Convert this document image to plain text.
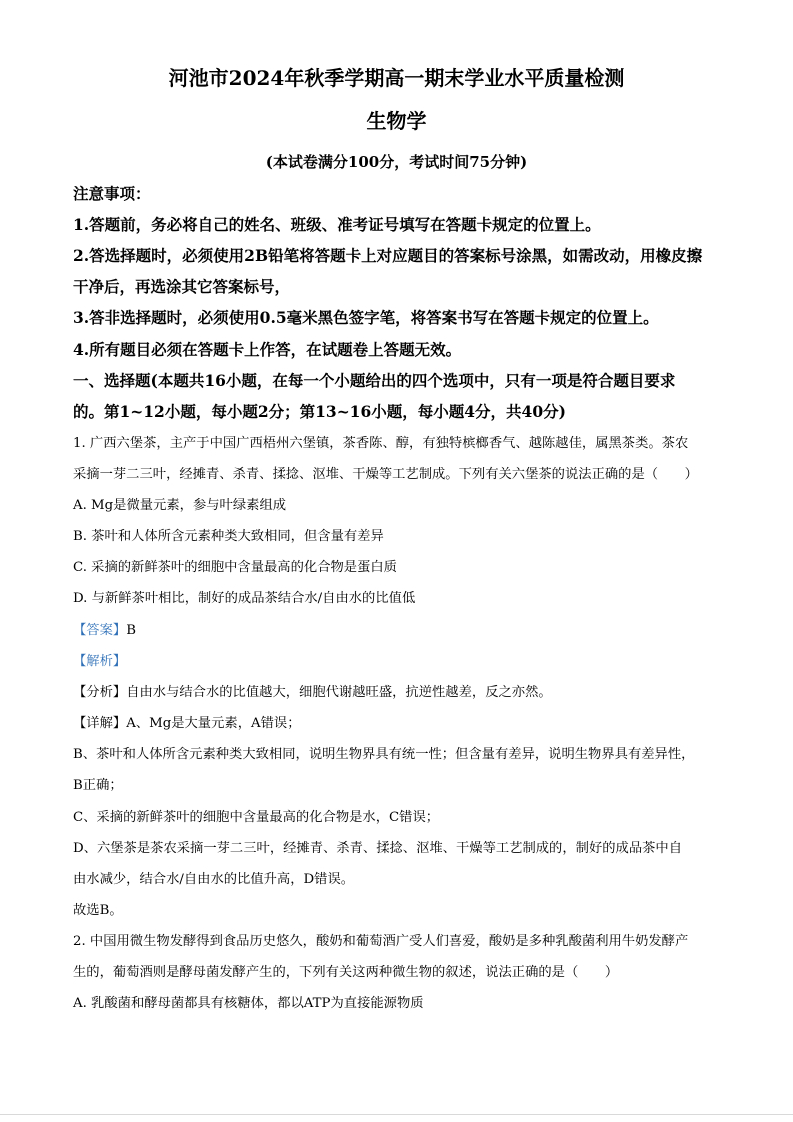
河池市2024年秋季学期高一期末学业水平质量检测
生物学
(本试卷满分100分，考试时间75分钟)
注意事项：
1.答题前，务必将自己的姓名、班级、准考证号填写在答题卡规定的位置上。
2.答选择题时，必须使用2B铅笔将答题卡上对应题目的答案标号涂黑，如需改动，用橡皮擦
干净后，再选涂其它答案标号，
3.答非选择题时，必须使用0.5毫米黑色签字笔，将答案书写在答题卡规定的位置上。
4.所有题目必须在答题卡上作答，在试题卷上答题无效。
一、选择题(本题共16小题，在每一个小题给出的四个选项中，只有一项是符合题目要求
的。第1~12小题，每小题2分；第13~16小题，每小题4分，共40分)
1. 广西六堡茶，主产于中国广西梧州六堡镇，茶香陈、醇，有独特槟榔香气、越陈越佳，属黑茶类。茶农
采摘一芽二三叶，经摊青、杀青、揉捻、沤堆、干燥等工艺制成。下列有关六堡茶的说法正确的是（　　）
A. Mg是微量元素，参与叶绿素组成
B. 茶叶和人体所含元素种类大致相同，但含量有差异
C. 采摘的新鲜茶叶的细胞中含量最高的化合物是蛋白质
D. 与新鲜茶叶相比，制好的成品茶结合水/自由水的比值低
【答案】B
【解析】
【分析】自由水与结合水的比值越大，细胞代谢越旺盛，抗逆性越差，反之亦然。
【详解】A、Mg是大量元素，A错误；
B、茶叶和人体所含元素种类大致相同，说明生物界具有统一性；但含量有差异，说明生物界具有差异性，
B正确；
C、采摘的新鲜茶叶的细胞中含量最高的化合物是水，C错误；
D、六堡茶是茶农采摘一芽二三叶，经摊青、杀青、揉捻、沤堆、干燥等工艺制成的，制好的成品茶中自
由水减少，结合水/自由水的比值升高，D错误。
故选B。
2. 中国用微生物发酵得到食品历史悠久，酸奶和葡萄酒广受人们喜爱，酸奶是多种乳酸菌利用牛奶发酵产
生的，葡萄酒则是酵母菌发酵产生的，下列有关这两种微生物的叙述，说法正确的是（　　）
A. 乳酸菌和酵母菌都具有核糖体，都以ATP为直接能源物质
